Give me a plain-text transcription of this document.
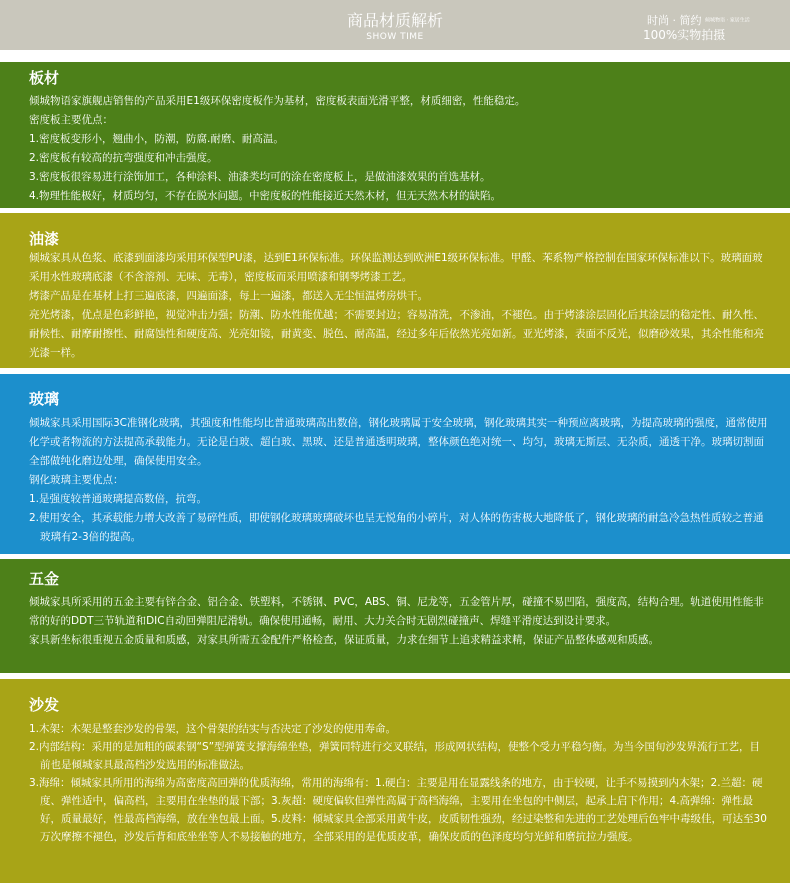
商品材质解析
SHOW TIME
时尚 · 简约 倾城物语 · 家居生活
100%实物拍摄
板材

倾城物语家旗舰店销售的产品采用E1级环保密度板作为基材，密度板表面光滑平整，材质细密，性能稳定。

密度板主要优点：

1.密度板变形小，翘曲小，防潮，防腐.耐磨、耐高温。

2.密度板有较高的抗弯强度和冲击强度。

3.密度板很容易进行涂饰加工，各种涂料、油漆类均可的涂在密度板上，是做油漆效果的首选基材。

4.物理性能极好，材质均匀，不存在脱水问题。中密度板的性能接近天然木材，但无天然木材的缺陷。

油漆

倾城家具从色浆、底漆到面漆均采用环保型PU漆，达到E1环保标准。环保监测达到欧洲E1级环保标准。甲醛、苯系物严格控制在国家环保标准以下。玻璃面玻采用水性玻璃底漆（不含溶剂、无味、无毒），密度板而采用喷漆和钢琴烤漆工艺。

烤漆产品是在基材上打三遍底漆，四遍面漆，每上一遍漆，都送入无尘恒温烤房烘干。

亮光烤漆，优点是色彩鲜艳，视觉冲击力强；防潮、防水性能优越；不需要封边；容易清洗，不渗油，不褪色。由于烤漆涂层固化后其涂层的稳定性、耐久性、耐候性、耐摩耐擦性、耐腐蚀性和硬度高、光亮如镜，耐黄变、脱色、耐高温，经过多年后依然光亮如新。亚光烤漆，表面不反光，似磨砂效果，其余性能和亮光漆一样。

玻璃

倾城家具采用国际3C准钢化玻璃，其强度和性能均比普通玻璃高出数倍，钢化玻璃属于安全玻璃，钢化玻璃其实一种预应离玻璃，为提高玻璃的强度，通常使用化学或者物流的方法提高承载能力。无论是白玻、超白玻、黑玻、还是普通透明玻璃，整体颜色绝对统一、均匀，玻璃无斯层、无杂质，通透干净。玻璃切割面全部做纯化磨边处理，确保使用安全。

钢化玻璃主要优点：

1.是强度较普通玻璃提高数倍，抗弯。

2.使用安全，其承载能力增大改善了易碎性质，即使钢化玻璃玻璃破坏也呈无悦角的小碎片，对人体的伤害极大地降低了，钢化玻璃的耐急冷急热性质较之普通玻璃有2-3倍的提高。

五金

倾城家具所采用的五金主要有锌合金、铝合金、铁塑料，不锈钢、PVC，ABS、铜、尼龙等，五金管片厚，碰撞不易凹陷，强度高，结构合理。轨道使用性能非常的好的DDT三节轨道和DIC自动回弹阻尼滑轨。确保使用通畅，耐用、大力关合时无剧烈碰撞声、焊缝平滑度达到设计要求。

家具新坐标很重视五金质量和质感，对家具所需五金配件严格检查，保证质量，力求在细节上追求精益求精，保证产品整体感观和质感。

沙发

1.木架：木架是整套沙发的骨架，这个骨架的结实与否决定了沙发的使用寿命。

2.内部结构：采用的是加粗的碳素钢“S”型弹簧支撑海绵坐垫，弹簧同特进行交叉联结，形成网状结构，使整个受力平稳匀衡。为当今国旬沙发界流行工艺，目前也是倾城家具最高档沙发选用的标准做法。

3.海绵：倾城家具所用的海绵为高密度高回弹的优质海绵，常用的海绵有：1.硬白：主要是用在显露线条的地方，由于较硬，让手不易摸到内木架；2.兰超：硬度、弹性适中，偏高档，主要用在坐垫的最下部；3.灰超：硬度偏软但弹性高属于高档海绵，主要用在坐包的中侧层，起承上启下作用；4.高弹绵：弹性最好，质量最好，性最高档海绵，放在坐包最上面。5.皮料：倾城家具全部采用黄牛皮，皮质韧性强劲，经过染整和先进的工艺处理后色牢中毒级佳，可达至30万次摩擦不褪色，沙发后背和底坐坐等人不易接触的地方，全部采用的是优质皮革，确保皮质的色泽度均匀光鲜和磨抗拉力强度。
